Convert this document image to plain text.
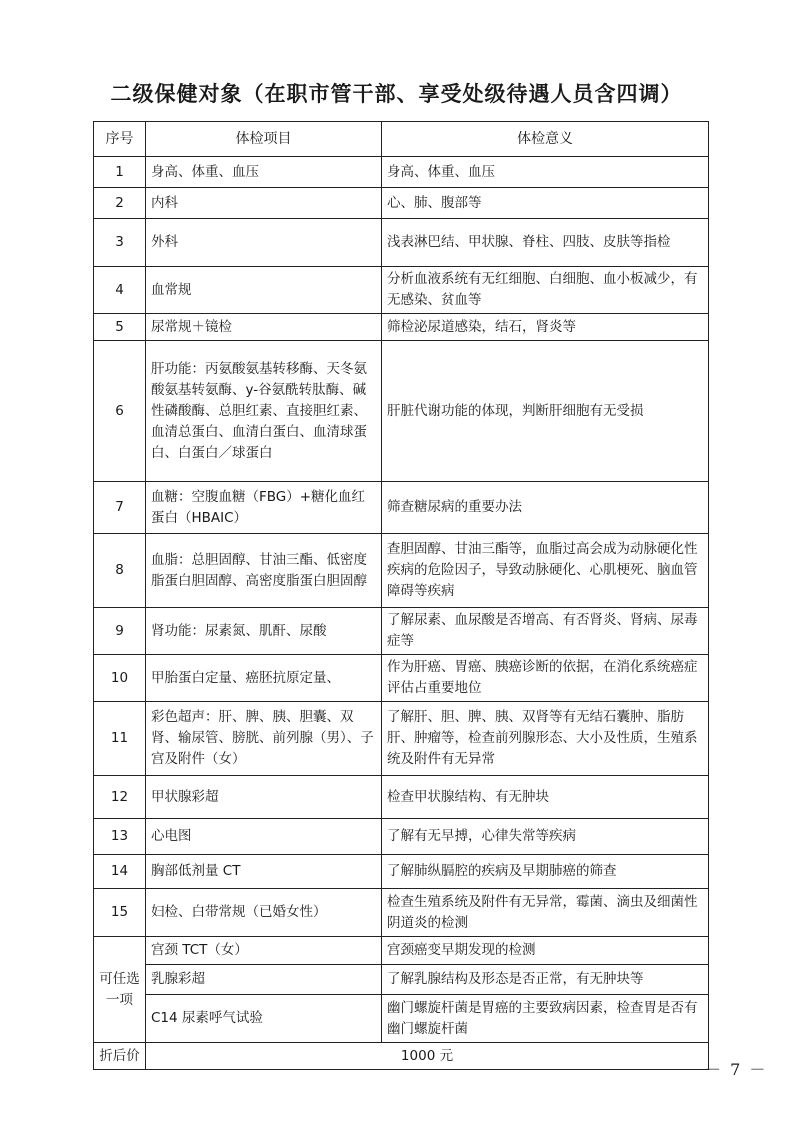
二级保健对象（在职市管干部、享受处级待遇人员含四调）
序号	体检项目	体检意义
1	身高、体重、血压	身高、体重、血压
2	内科	心、肺、腹部等
3	外科	浅表淋巴结、甲状腺、脊柱、四肢、皮肤等指检
4	血常规	分析血液系统有无红细胞、白细胞、血小板减少，有无感染、贫血等
5	尿常规＋镜检	筛检泌尿道感染，结石，肾炎等
6	肝功能：丙氨酸氨基转移酶、天冬氨酸氨基转氨酶、y-谷氨酰转肽酶、碱性磷酸酶、总胆红素、直接胆红素、血清总蛋白、血清白蛋白、血清球蛋白、白蛋白／球蛋白	肝脏代谢功能的体现，判断肝细胞有无受损
7	血糖：空腹血糖（FBG）+糖化血红蛋白（HBAIC）	筛查糖尿病的重要办法
8	血脂：总胆固醇、甘油三酯、低密度脂蛋白胆固醇、高密度脂蛋白胆固醇	查胆固醇、甘油三酯等，血脂过高会成为动脉硬化性疾病的危险因子，导致动脉硬化、心肌梗死、脑血管障碍等疾病
9	肾功能：尿素氮、肌酐、尿酸	了解尿素、血尿酸是否增高、有否肾炎、肾病、尿毒症等
10	甲胎蛋白定量、癌胚抗原定量、	作为肝癌、胃癌、胰癌诊断的依据，在消化系统癌症评估占重要地位
11	彩色超声：肝、脾、胰、胆囊、双肾、输尿管、膀胱、前列腺（男）、子宫及附件（女）	了解肝、胆、脾、胰、双肾等有无结石囊肿、脂肪肝、肿瘤等，检查前列腺形态、大小及性质，生殖系统及附件有无异常
12	甲状腺彩超	检查甲状腺结构、有无肿块
13	心电图	了解有无早搏，心律失常等疾病
14	胸部低剂量 CT	了解肺纵膈腔的疾病及早期肺癌的筛查
15	妇检、白带常规（已婚女性）	检查生殖系统及附件有无异常，霉菌、滴虫及细菌性阴道炎的检测
可任选一项	宫颈 TCT（女）	宫颈癌变早期发现的检测
	乳腺彩超	了解乳腺结构及形态是否正常，有无肿块等
	C14 尿素呼气试验	幽门螺旋杆菌是胃癌的主要致病因素，检查胃是否有幽门螺旋杆菌
折后价	1000 元	
－ 7 －
